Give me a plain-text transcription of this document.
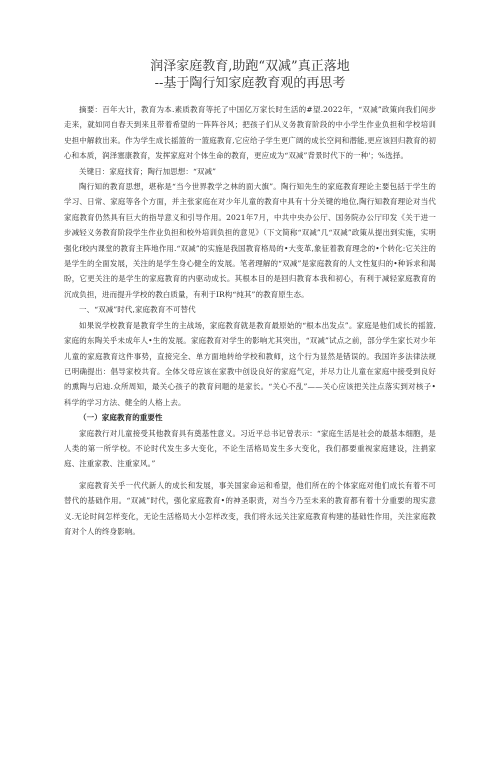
润泽家庭教育,助跑“双减”真正落地
--基于陶行知家庭教育观的再思考

摘要：百年大计，教育为本.素质教育等托了中国亿万家长时生活的#望.2022年，“双减”政策向我们间步走来，就如同自春天到来且带着希望的一阵阵谷风；把孩子们从义务教育阶段的中小学生作业负担和学校培训史担中解救出来。作为学生成长摇篮的一篮庭教育,它应给子学生更广阔的成长空间和潜能,更应该回归教育的初心和本质，润泽塞康教育，发挥家庭对个体生命的教育，更应成为“双减”背景时代下的一种'；%选择。

关键日：家庭找育；陶行加思想：“双减”

陶行知的教育思想，堪称是“当今世界教学之林的面大旗”。陶行知先生的家庭教育理论主要包括于学生的学习、日常、家庭等各个方面，并主张家庭在对少年儿童的教育中具有十分关键的地位,陶行知教育理论对当代家庭教育仍然具有巨大的指导意义和引导作用。2021年7月，中共中央办公厅、国务院办公厅印发《关于进一步减轻义务教育阶段学生作业负担和校外培训负担的意见》（下文简称“双减”几“双减”政策从提出到实施，实明强化f校内课堂的教育主阵地作用.“双减”的实施是我国教育格局的•大变革,象征着教育理念的•个转化:它关注的是学生的全面发展，关注的是学生身心健全的发展。笔者理解的“双减”是家庭教育的人文性复归的•种诉求和渴盼，它更关注的是学生的家庭教育的内驱动成长。其根本目的是回归教育本我和初心，有利于减轻家庭教育的沉成负担，进而提升学校的教白质量，有利于IR构“纯其”的教育原生态。

一、“双减”时代,家庭教育不可替代

如果说学校教育是教育学生的主战场，家庭教育就是教育最原始的“根本出发点”。家庭是他们成长的摇篮,家庭的东陶关乎未成年人•生的发展。家庭教育对学生的影响尤其突出，“双减”试点之前，部分学生家长对少年儿童的家庭教育这件事势，直接完全、单方面地转给学校和教师，这个行为显然是错误的。我国许多法律法规已明确提出：倡导家校共育。全体父母应该在家教中创设良好的家庭气定，并尽力让儿童在家庭中接受到良好的熏陶与启迪.众所周知，最关心孩子的教育问题的是家长。“关心不乱”——关心应该把关注点落实到对核子•科学的学习方法、健全的人格上去。

（一）家庭教育的重要性

家庭教行对儿童接受其他教育具有奠基性意义。习近平总书记曾表示：“家庭生活是社会的最基本细胞，是人类的第一所学校。不论时代发生多大变化，不论生活格局发生多大变化，我们都要重视家庭建设，注捐家庭、注重家教、注重家风。”

家庭教育关乎一代代新人的成长和发展，事关国家命运和希望，他们所在的个体家庭对他们成长有着不可替代的基础作用。“双减”时代，强化家庭教育•的神圣职责，对当今乃至未来的教育都有着十分重要的现实意义.无论时间怎样变化，无论生活格局大小怎样改变，我们将永远关注家庭教育构建的基础性作用，关注家庭教育对个人的终身影响。
